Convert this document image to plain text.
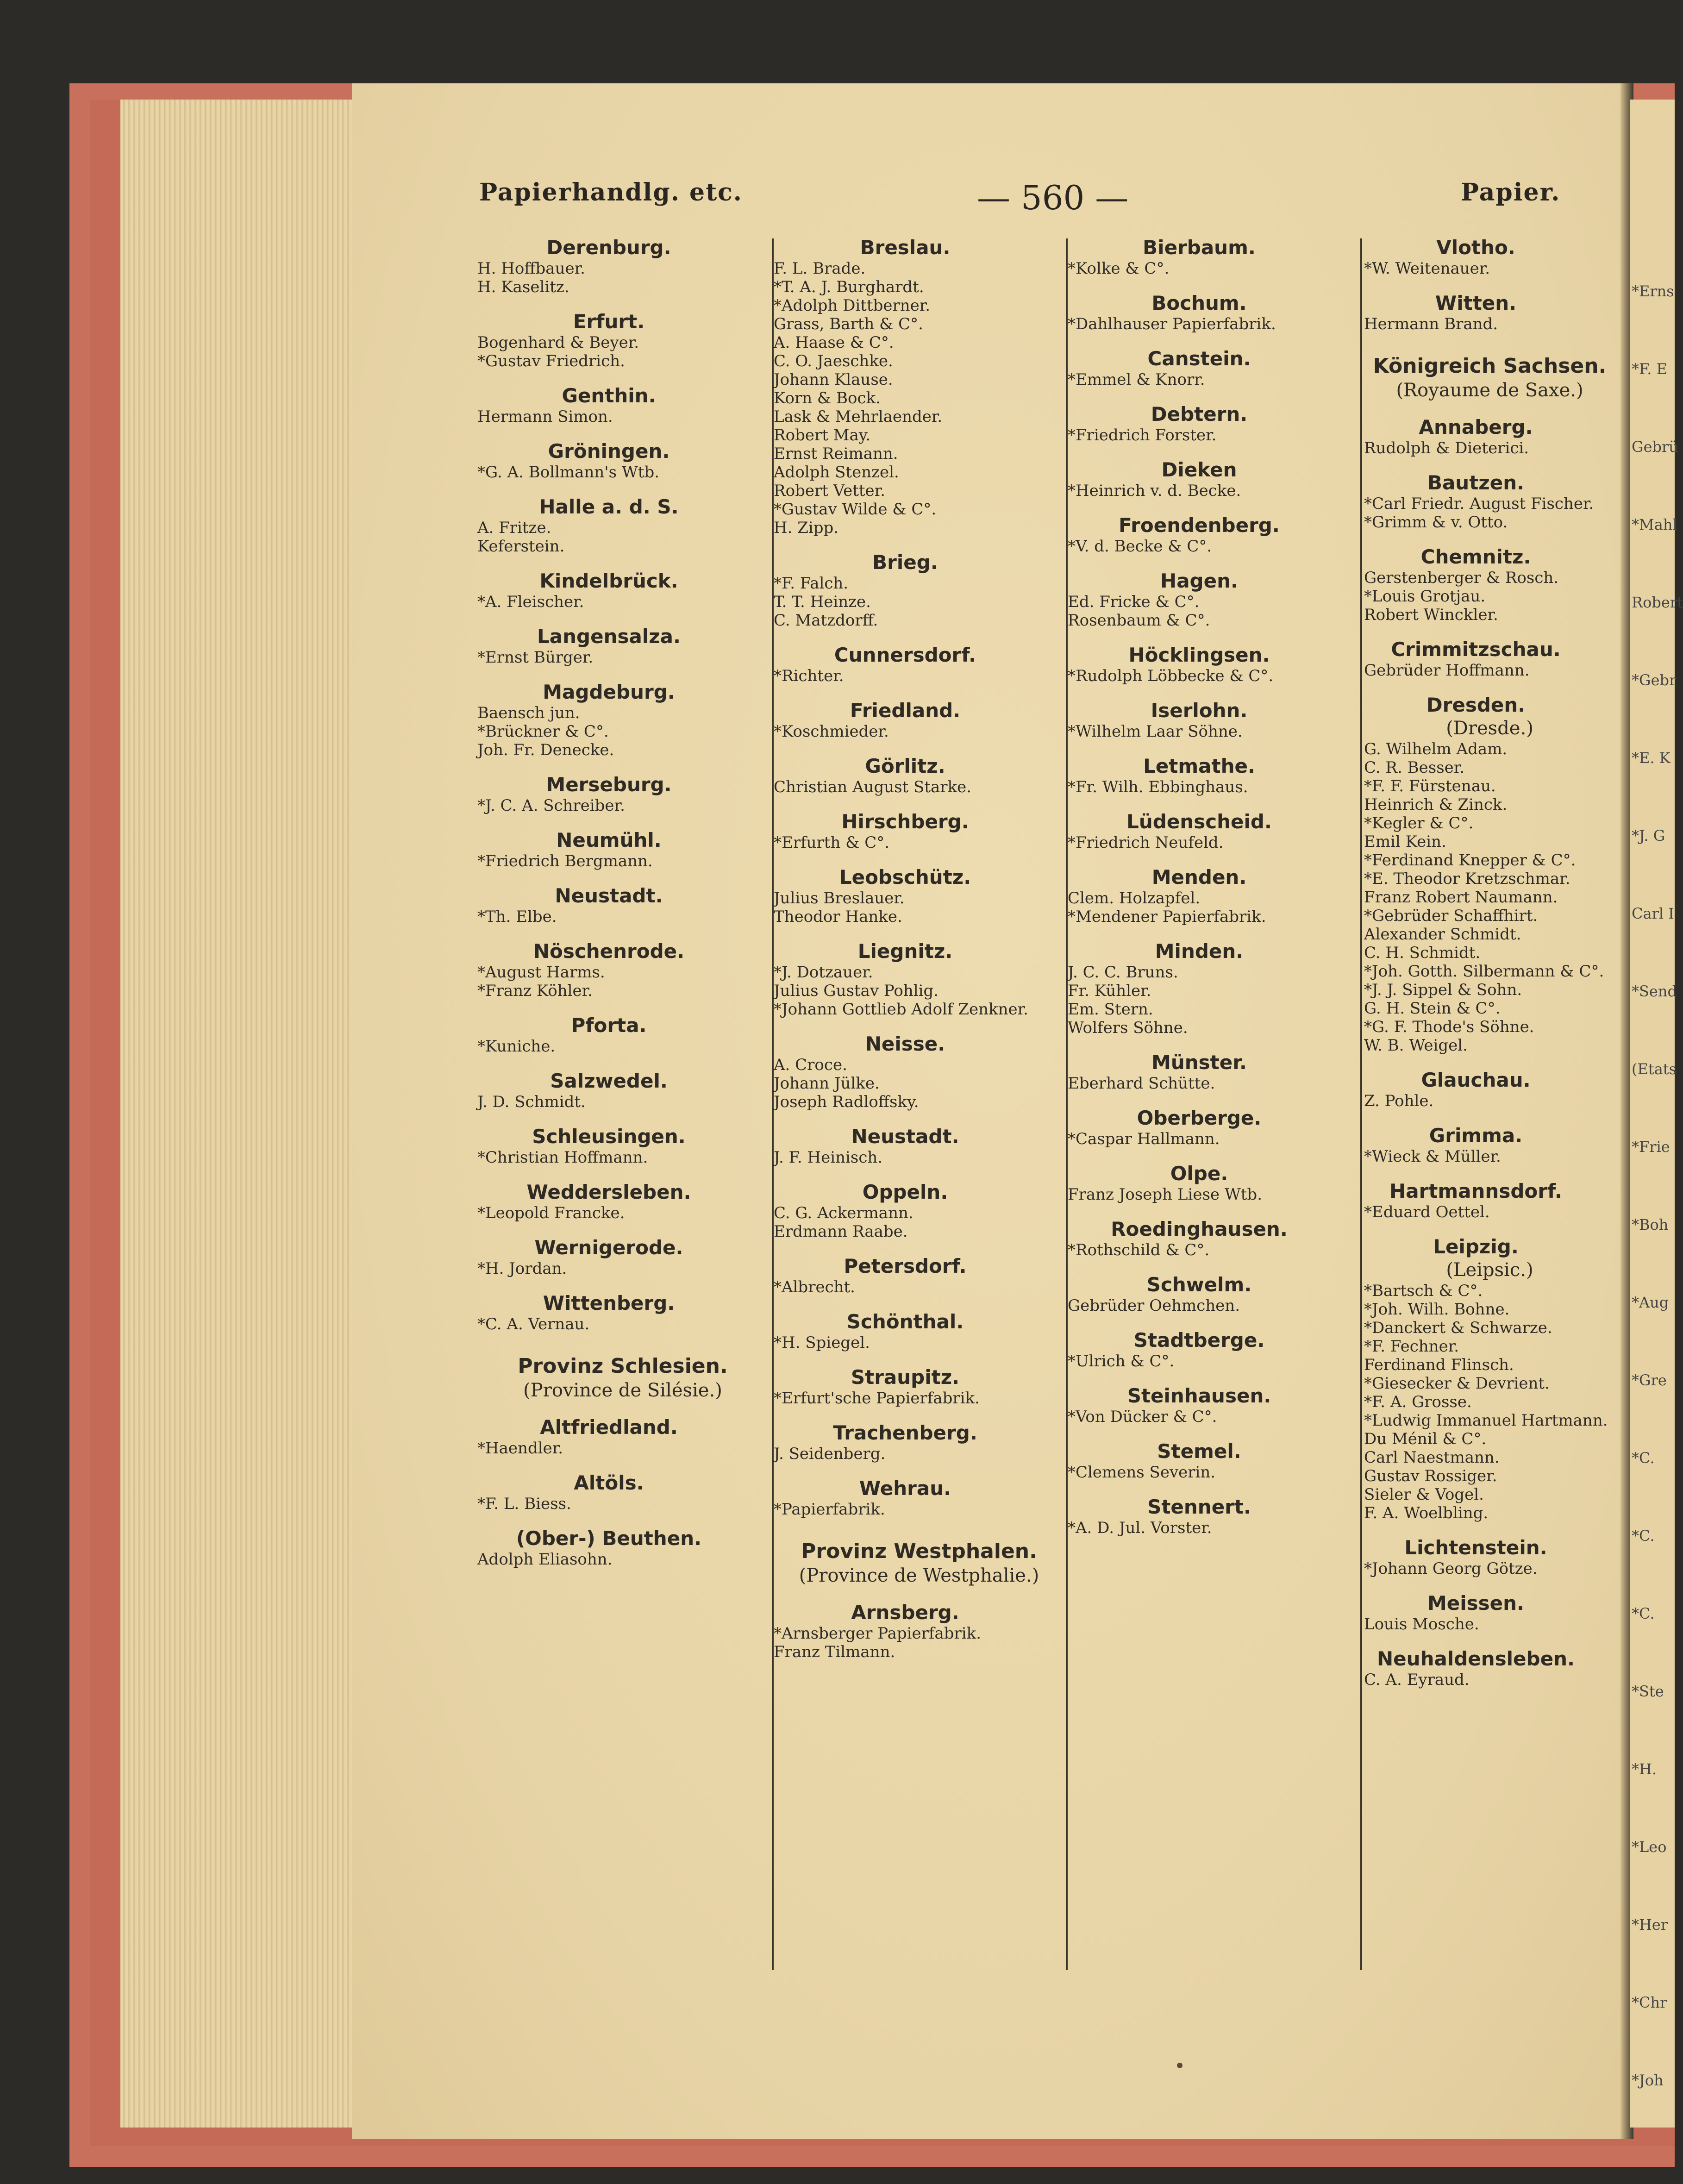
*Erns
*F. E
Gebrü
*Mahl
Robert
*Gebr
*E. K
*J. G
Carl I
*Send
(Etats
*Frie
*Boh
*Aug
*Gre
*C.
*C.
*C.
*Ste
*H.
*Leo
*Her
*Chr
*Joh
Papierhandlg. etc.	— 560 —	Papier.
Derenburg.
H. Hoffbauer.
H. Kaselitz.
Erfurt.
Bogenhard & Beyer.
*Gustav Friedrich.
Genthin.
Hermann Simon.
Gröningen.
*G. A. Bollmann's Wtb.
Halle a. d. S.
A. Fritze.
Keferstein.
Kindelbrück.
*A. Fleischer.
Langensalza.
*Ernst Bürger.
Magdeburg.
Baensch jun.
*Brückner & C°.
Joh. Fr. Denecke.
Merseburg.
*J. C. A. Schreiber.
Neumühl.
*Friedrich Bergmann.
Neustadt.
*Th. Elbe.
Nöschenrode.
*August Harms.
*Franz Köhler.
Pforta.
*Kuniche.
Salzwedel.
J. D. Schmidt.
Schleusingen.
*Christian Hoffmann.
Weddersleben.
*Leopold Francke.
Wernigerode.
*H. Jordan.
Wittenberg.
*C. A. Vernau.
Provinz Schlesien.
(Province de Silésie.)
Altfriedland.
*Haendler.
Altöls.
*F. L. Biess.
(Ober-) Beuthen.
Adolph Eliasohn.
Breslau.
F. L. Brade.
*T. A. J. Burghardt.
*Adolph Dittberner.
Grass, Barth & C°.
A. Haase & C°.
C. O. Jaeschke.
Johann Klause.
Korn & Bock.
Lask & Mehrlaender.
Robert May.
Ernst Reimann.
Adolph Stenzel.
Robert Vetter.
*Gustav Wilde & C°.
H. Zipp.
Brieg.
*F. Falch.
T. T. Heinze.
C. Matzdorff.
Cunnersdorf.
*Richter.
Friedland.
*Koschmieder.
Görlitz.
Christian August Starke.
Hirschberg.
*Erfurth & C°.
Leobschütz.
Julius Breslauer.
Theodor Hanke.
Liegnitz.
*J. Dotzauer.
Julius Gustav Pohlig.
*Johann Gottlieb Adolf Zenkner.
Neisse.
A. Croce.
Johann Jülke.
Joseph Radloffsky.
Neustadt.
J. F. Heinisch.
Oppeln.
C. G. Ackermann.
Erdmann Raabe.
Petersdorf.
*Albrecht.
Schönthal.
*H. Spiegel.
Straupitz.
*Erfurt'sche Papierfabrik.
Trachenberg.
J. Seidenberg.
Wehrau.
*Papierfabrik.
Provinz Westphalen.
(Province de Westphalie.)
Arnsberg.
*Arnsberger Papierfabrik.
Franz Tilmann.
Bierbaum.
*Kolke & C°.
Bochum.
*Dahlhauser Papierfabrik.
Canstein.
*Emmel & Knorr.
Debtern.
*Friedrich Forster.
Dieken
*Heinrich v. d. Becke.
Froendenberg.
*V. d. Becke & C°.
Hagen.
Ed. Fricke & C°.
Rosenbaum & C°.
Höcklingsen.
*Rudolph Löbbecke & C°.
Iserlohn.
*Wilhelm Laar Söhne.
Letmathe.
*Fr. Wilh. Ebbinghaus.
Lüdenscheid.
*Friedrich Neufeld.
Menden.
Clem. Holzapfel.
*Mendener Papierfabrik.
Minden.
J. C. C. Bruns.
Fr. Kühler.
Em. Stern.
Wolfers Söhne.
Münster.
Eberhard Schütte.
Oberberge.
*Caspar Hallmann.
Olpe.
Franz Joseph Liese Wtb.
Roedinghausen.
*Rothschild & C°.
Schwelm.
Gebrüder Oehmchen.
Stadtberge.
*Ulrich & C°.
Steinhausen.
*Von Dücker & C°.
Stemel.
*Clemens Severin.
Stennert.
*A. D. Jul. Vorster.
Vlotho.
*W. Weitenauer.
Witten.
Hermann Brand.
Königreich Sachsen.
(Royaume de Saxe.)
Annaberg.
Rudolph & Dieterici.
Bautzen.
*Carl Friedr. August Fischer.
*Grimm & v. Otto.
Chemnitz.
Gerstenberger & Rosch.
*Louis Grotjau.
Robert Winckler.
Crimmitzschau.
Gebrüder Hoffmann.
Dresden.
(Dresde.)
G. Wilhelm Adam.
C. R. Besser.
*F. F. Fürstenau.
Heinrich & Zinck.
*Kegler & C°.
Emil Kein.
*Ferdinand Knepper & C°.
*E. Theodor Kretzschmar.
Franz Robert Naumann.
*Gebrüder Schaffhirt.
Alexander Schmidt.
C. H. Schmidt.
*Joh. Gotth. Silbermann & C°.
*J. J. Sippel & Sohn.
G. H. Stein & C°.
*G. F. Thode's Söhne.
W. B. Weigel.
Glauchau.
Z. Pohle.
Grimma.
*Wieck & Müller.
Hartmannsdorf.
*Eduard Oettel.
Leipzig.
(Leipsic.)
*Bartsch & C°.
*Joh. Wilh. Bohne.
*Danckert & Schwarze.
*F. Fechner.
Ferdinand Flinsch.
*Giesecker & Devrient.
*F. A. Grosse.
*Ludwig Immanuel Hartmann.
Du Ménil & C°.
Carl Naestmann.
Gustav Rossiger.
Sieler & Vogel.
F. A. Woelbling.
Lichtenstein.
*Johann Georg Götze.
Meissen.
Louis Mosche.
Neuhaldensleben.
C. A. Eyraud.
